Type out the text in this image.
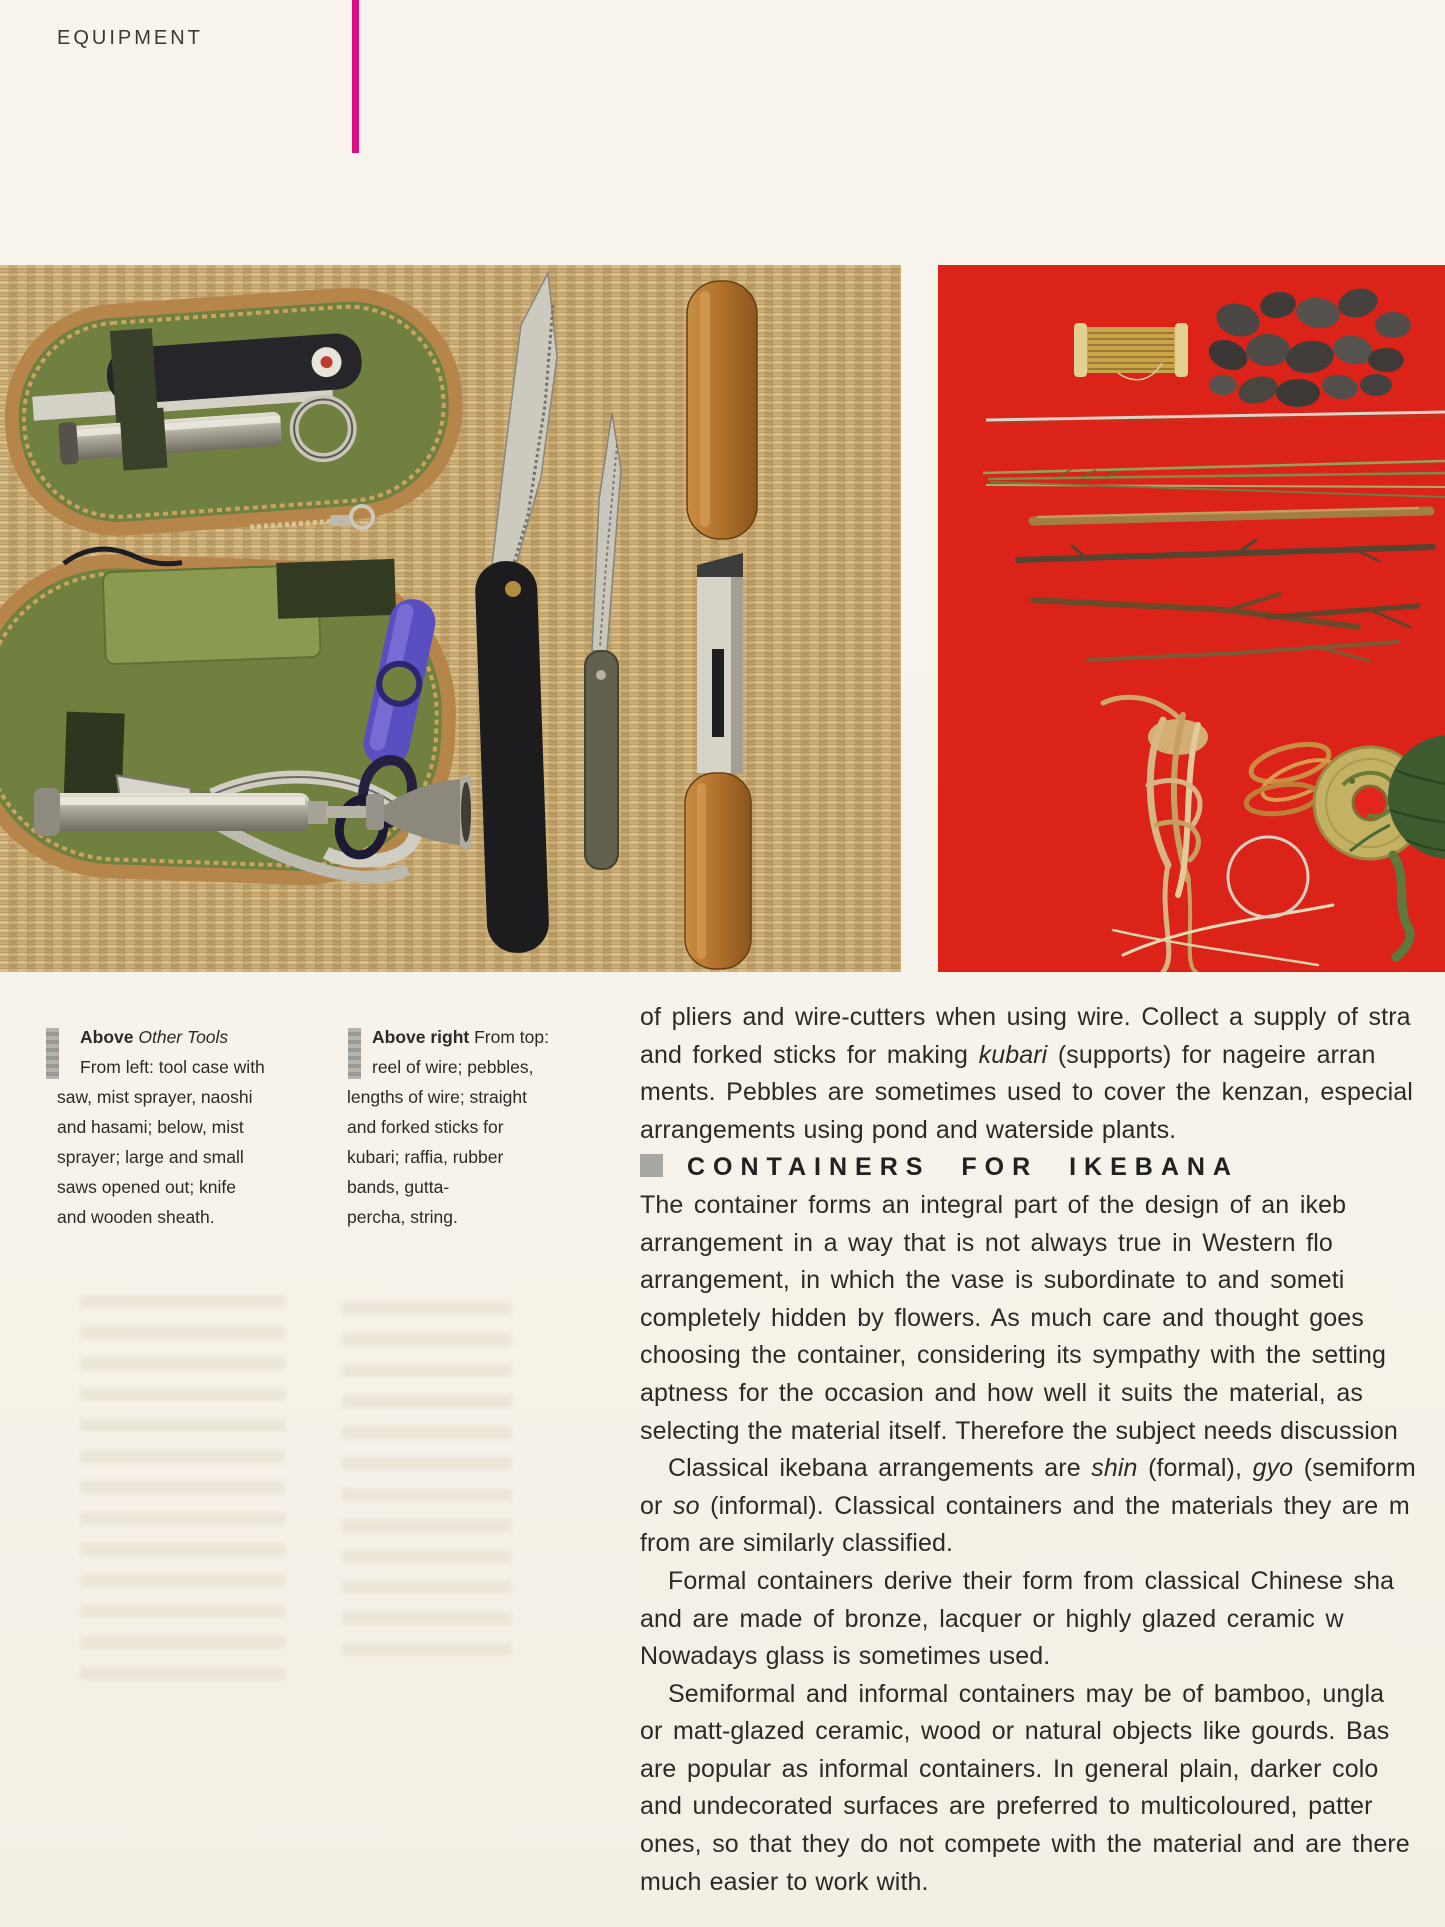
EQUIPMENT
Above Other Tools
From left: tool case with
saw, mist sprayer, naoshi
and hasami; below, mist
sprayer; large and small
saws opened out; knife
and wooden sheath.
Above right From top:
reel of wire; pebbles,
lengths of wire; straight
and forked sticks for
kubari; raffia, rubber
bands, gutta-
percha, string.
of pliers and wire-cutters when using wire. Collect a supply of stra
and forked sticks for making kubari (supports) for nageire arran
ments. Pebbles are sometimes used to cover the kenzan, especial
arrangements using pond and waterside plants.
CONTAINERS FOR IKEBANA
The container forms an integral part of the design of an ikeb
arrangement in a way that is not always true in Western flo
arrangement, in which the vase is subordinate to and someti
completely hidden by flowers. As much care and thought goes
choosing the container, considering its sympathy with the setting
aptness for the occasion and how well it suits the material, as
selecting the material itself. Therefore the subject needs discussion
Classical ikebana arrangements are shin (formal), gyo (semiform
or so (informal). Classical containers and the materials they are m
from are similarly classified.
Formal containers derive their form from classical Chinese sha
and are made of bronze, lacquer or highly glazed ceramic w
Nowadays glass is sometimes used.
Semiformal and informal containers may be of bamboo, ungla
or matt-glazed ceramic, wood or natural objects like gourds. Bas
are popular as informal containers. In general plain, darker colo
and undecorated surfaces are preferred to multicoloured, patter
ones, so that they do not compete with the material and are there
much easier to work with.
